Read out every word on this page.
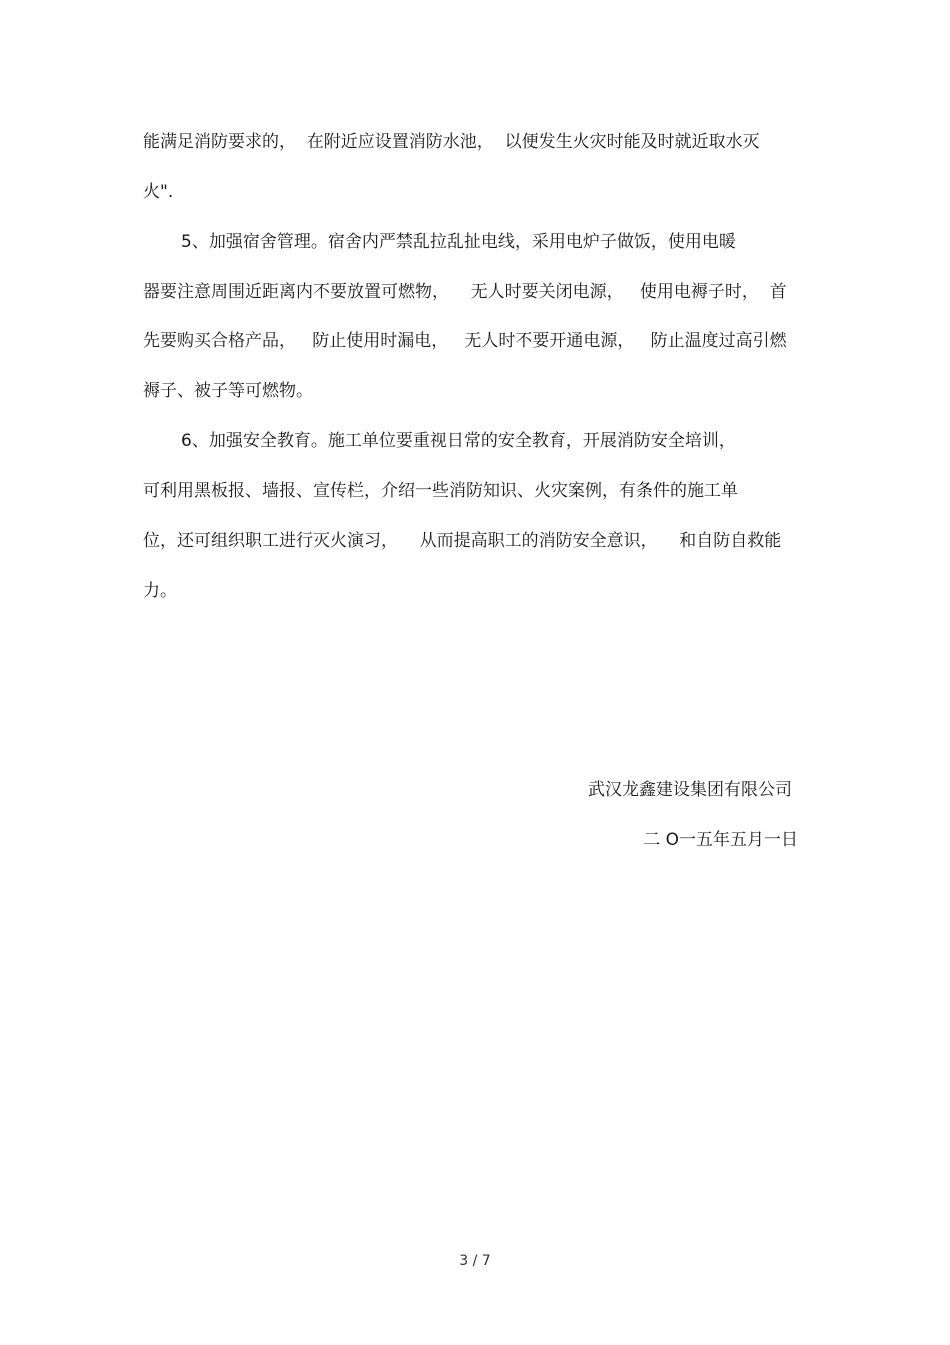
能满足消防要求的，  在附近应设置消防水池，  以便发生火灾时能及时就近取水灭
火".
5、加强宿舍管理。宿舍内严禁乱拉乱扯电线，采用电炉子做饭，使用电暖
器要注意周围近距离内不要放置可燃物，    无人时要关闭电源，   使用电褥子时，  首
先要购买合格产品，   防止使用时漏电，   无人时不要开通电源，   防止温度过高引燃
褥子、被子等可燃物。
6、加强安全教育。施工单位要重视日常的安全教育，开展消防安全培训，
可利用黑板报、墙报、宣传栏，介绍一些消防知识、火灾案例，有条件的施工单
位，还可组织职工进行灭火演习，    从而提高职工的消防安全意识，    和自防自救能
力。
武汉龙鑫建设集团有限公司
二 O一五年五月一日
3 / 7
